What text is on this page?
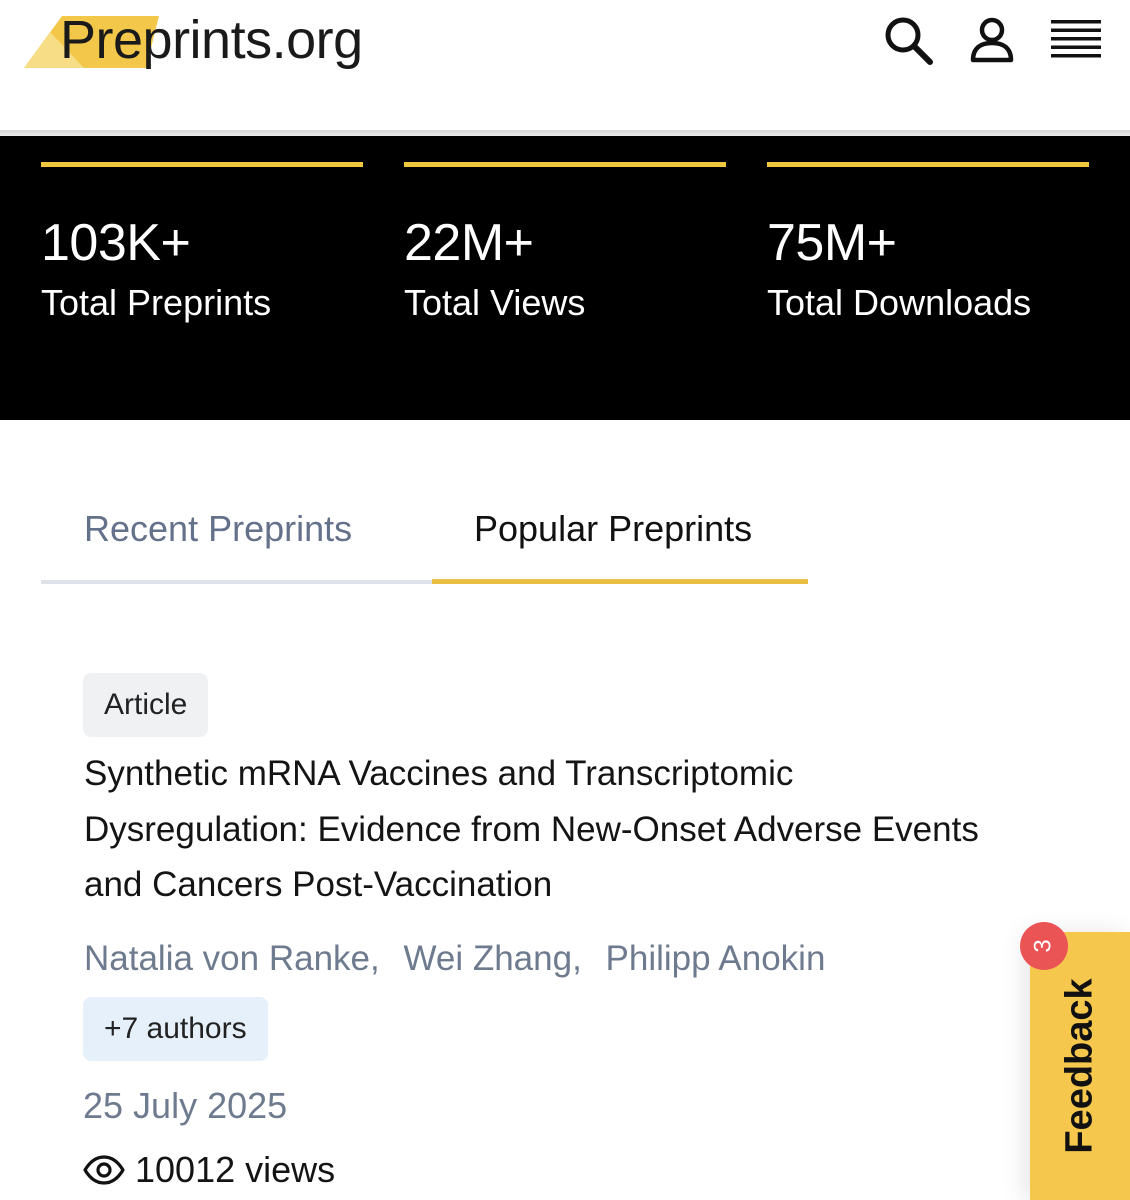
Preprints.org
103K+
Total Preprints
22M+
Total Views
75M+
Total Downloads
Recent Preprints	Popular Preprints
Article
Synthetic mRNA Vaccines and Transcriptomic Dysregulation: Evidence from New-Onset Adverse Events and Cancers Post-Vaccination
Natalia von Ranke, Wei Zhang, Philipp Anokin
+7 authors
25 July 2025
10012 views
Feedback
3
